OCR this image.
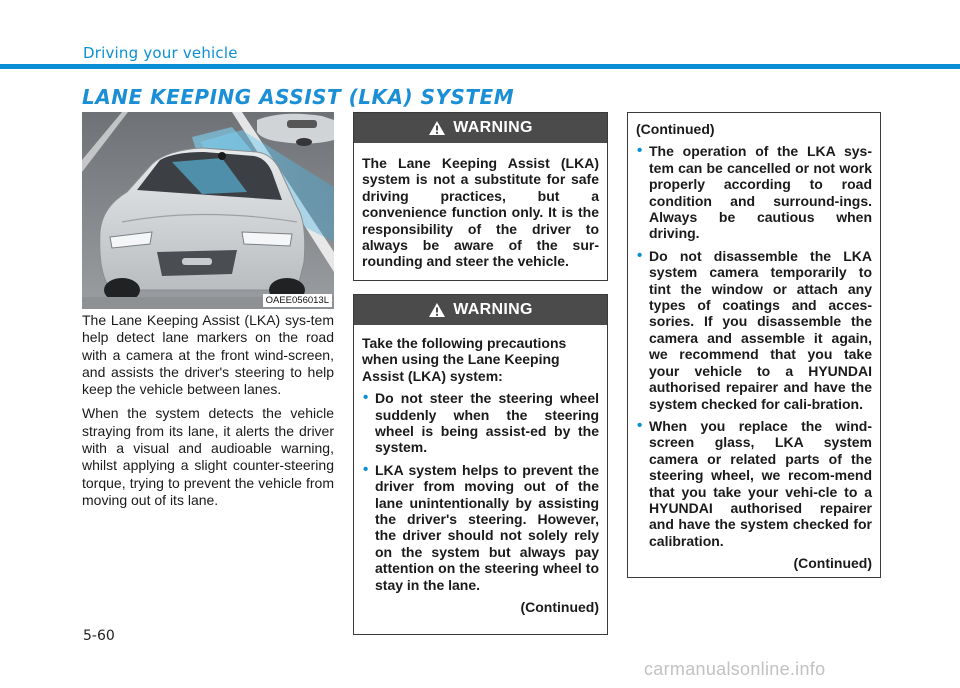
Driving your vehicle
LANE KEEPING ASSIST (LKA) SYSTEM
OAEE056013L

The Lane Keeping Assist (LKA) sys-tem help detect lane markers on the road with a camera at the front wind-screen, and assists the driver's steering to help keep the vehicle between lanes.

When the system detects the vehicle straying from its lane, it alerts the driver with a visual and audioable warning, whilst applying a slight counter-steering torque, trying to prevent the vehicle from moving out of its lane.

WARNING

The Lane Keeping Assist (LKA) system is not a substitute for safe driving practices, but a convenience function only. It is the responsibility of the driver to always be aware of the sur-rounding and steer the vehicle.

WARNING

Take the following precautions when using the Lane Keeping Assist (LKA) system:

• Do not steer the steering wheel suddenly when the steering wheel is being assist-ed by the system.
• LKA system helps to prevent the driver from moving out of the lane unintentionally by assisting the driver's steering. However, the driver should not solely rely on the system but always pay attention on the steering wheel to stay in the lane.

(Continued)

(Continued)

• The operation of the LKA sys-tem can be cancelled or not work properly according to road condition and surround-ings. Always be cautious when driving.
• Do not disassemble the LKA system camera temporarily to tint the window or attach any types of coatings and acces-sories. If you disassemble the camera and assemble it again, we recommend that you take your vehicle to a HYUNDAI authorised repairer and have the system checked for cali-bration.
• When you replace the wind-screen glass, LKA system camera or related parts of the steering wheel, we recom-mend that you take your vehi-cle to a HYUNDAI authorised repairer and have the system checked for calibration.

(Continued)

5-60
carmanualsonline.info
